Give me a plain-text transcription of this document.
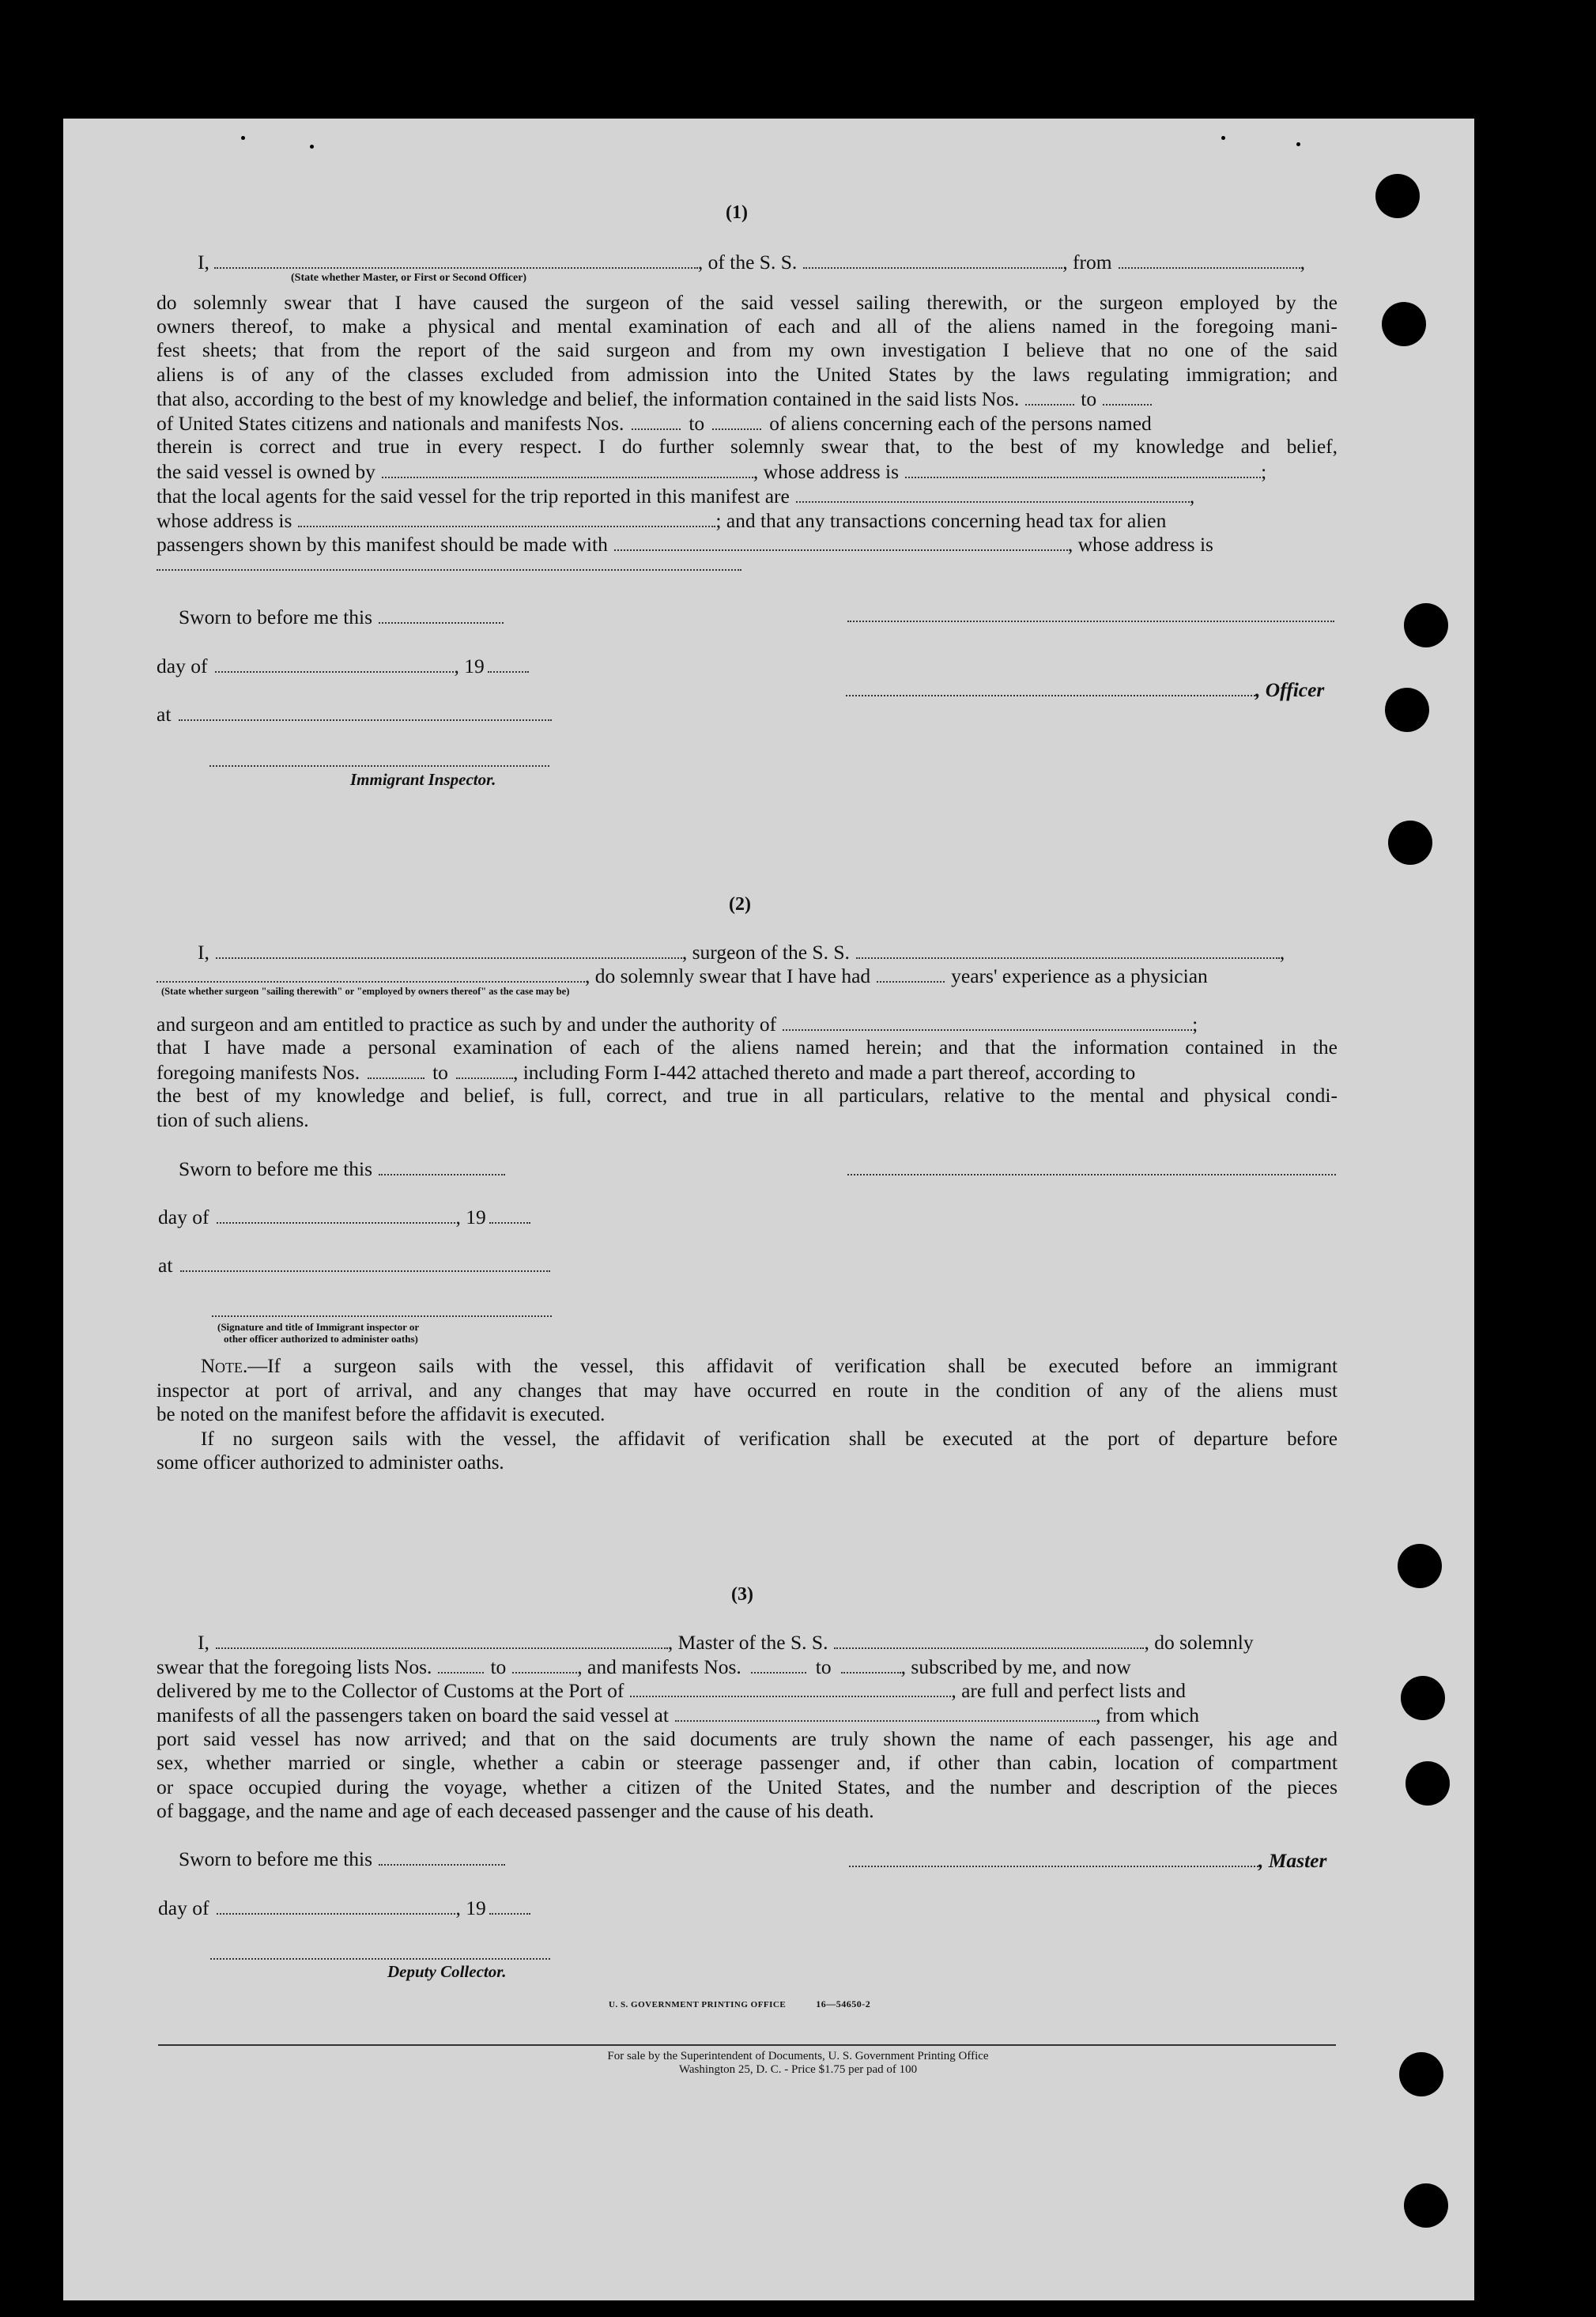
(1)
I,	, of the S. S.	, from	,
(State whether Master, or First or Second Officer)
do solemnly swear that I have caused the surgeon of the said vessel sailing therewith, or the surgeon employed by the
owners thereof, to make a physical and mental examination of each and all of the aliens named in the foregoing mani-
fest sheets; that from the report of the said surgeon and from my own investigation I believe that no one of the said
aliens is of any of the classes excluded from admission into the United States by the laws regulating immigration; and
that also, according to the best of my knowledge and belief, the information contained in the said lists Nos.	to
of United States citizens and nationals and manifests Nos.	to	of aliens concerning each of the persons named
therein is correct and true in every respect. I do further solemnly swear that, to the best of my knowledge and belief,
the said vessel is owned by	, whose address is	;
that the local agents for the said vessel for the trip reported in this manifest are	,
whose address is	; and that any transactions concerning head tax for alien
passengers shown by this manifest should be made with	, whose address is
Sworn to before me this
day of	, 19
, Officer
at
Immigrant Inspector.
(2)
I,	, surgeon of the S. S.	,
, do solemnly swear that I have had	years' experience as a physician
(State whether surgeon "sailing therewith" or "employed by owners thereof" as the case may be)
and surgeon and am entitled to practice as such by and under the authority of	;
that I have made a personal examination of each of the aliens named herein; and that the information contained in the
foregoing manifests Nos.	to	, including Form I-442 attached thereto and made a part thereof, according to
the best of my knowledge and belief, is full, correct, and true in all particulars, relative to the mental and physical condi-
tion of such aliens.
Sworn to before me this
day of	, 19
at
(Signature and title of Immigrant inspector or
other officer authorized to administer oaths)
Note.—If a surgeon sails with the vessel, this affidavit of verification shall be executed before an immigrant
inspector at port of arrival, and any changes that may have occurred en route in the condition of any of the aliens must
be noted on the manifest before the affidavit is executed.
If no surgeon sails with the vessel, the affidavit of verification shall be executed at the port of departure before
some officer authorized to administer oaths.
(3)
I,	, Master of the S. S.	, do solemnly
swear that the foregoing lists Nos.	to	, and manifests Nos.	to	, subscribed by me, and now
delivered by me to the Collector of Customs at the Port of	, are full and perfect lists and
manifests of all the passengers taken on board the said vessel at	, from which
port said vessel has now arrived; and that on the said documents are truly shown the name of each passenger, his age and
sex, whether married or single, whether a cabin or steerage passenger and, if other than cabin, location of compartment
or space occupied during the voyage, whether a citizen of the United States, and the number and description of the pieces
of baggage, and the name and age of each deceased passenger and the cause of his death.
Sworn to before me this	, Master
day of	, 19
Deputy Collector.
U. S. GOVERNMENT PRINTING OFFICE	16—54650-2
For sale by the Superintendent of Documents, U. S. Government Printing Office
Washington 25, D. C. - Price $1.75 per pad of 100
